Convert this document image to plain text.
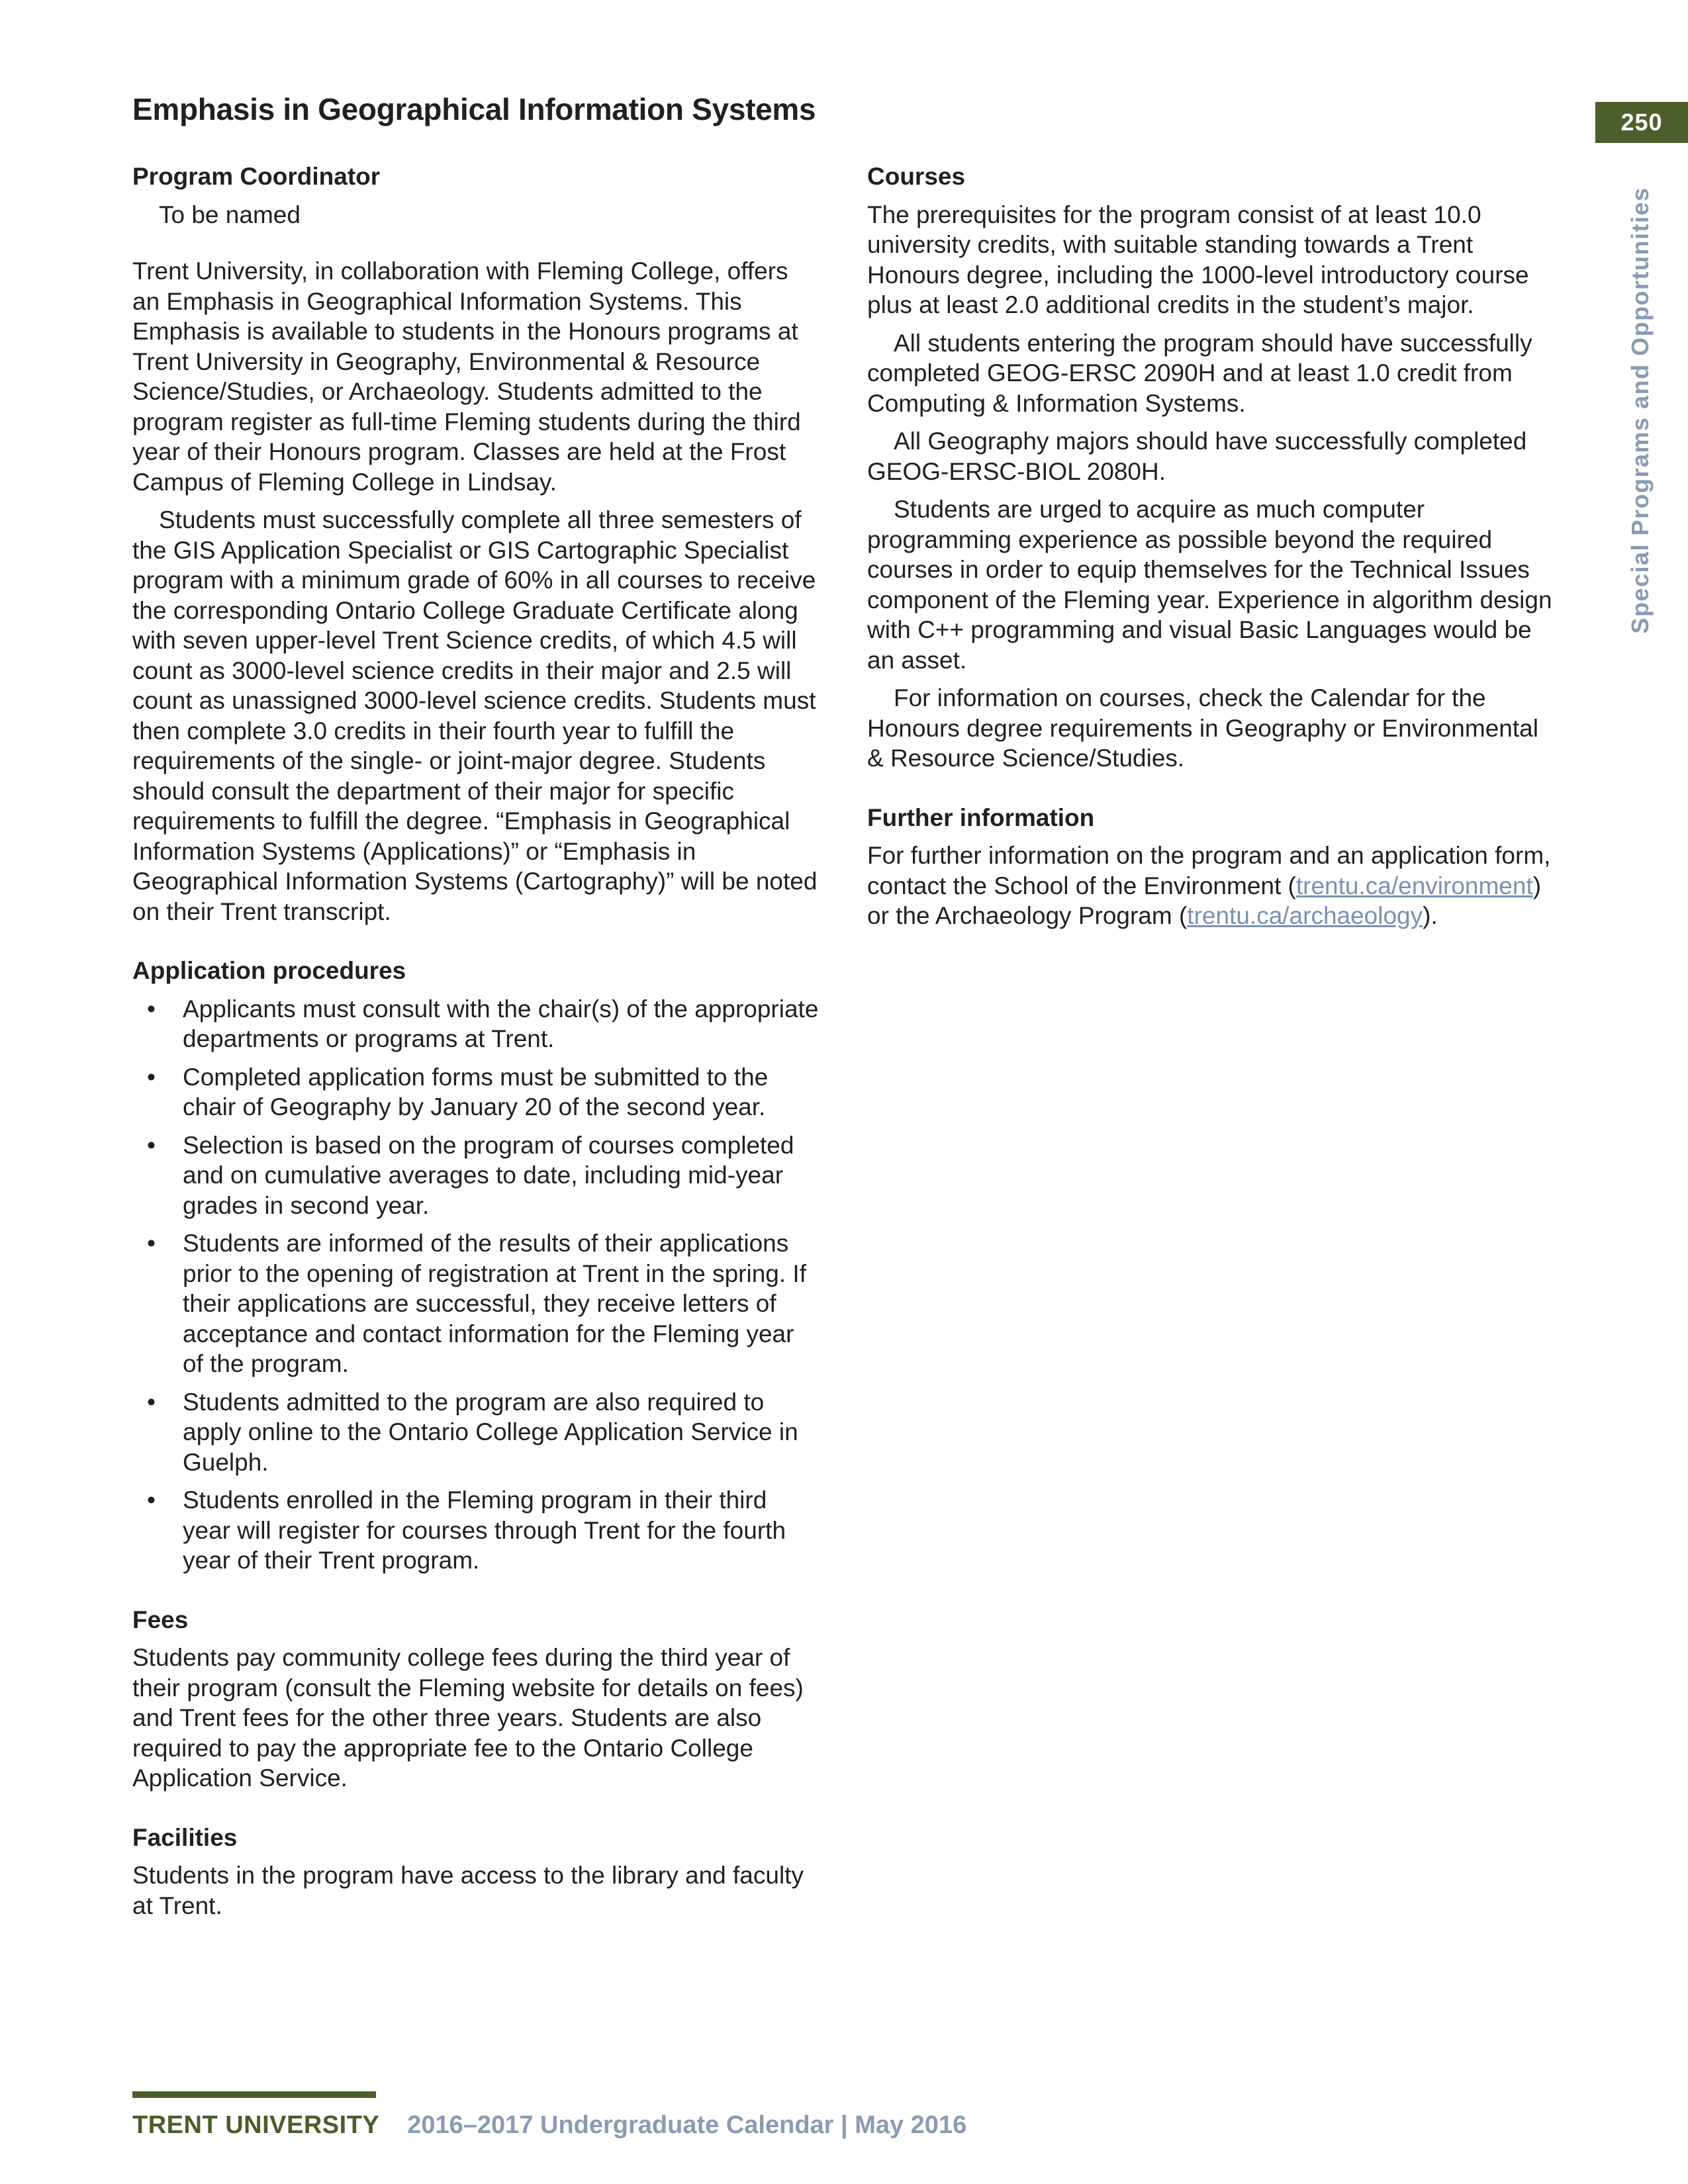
Emphasis in Geographical Information Systems	250
Special Programs and Opportunities
Program Coordinator

To be named

Trent University, in collaboration with Fleming College, offers an Emphasis in Geographical Information Systems. This Emphasis is available to students in the Honours programs at Trent University in Geography, Environmental & Resource Science/Studies, or Archaeology. Students admitted to the program register as full-time Fleming students during the third year of their Honours program. Classes are held at the Frost Campus of Fleming College in Lindsay.

Students must successfully complete all three semesters of the GIS Application Specialist or GIS Cartographic Specialist program with a minimum grade of 60% in all courses to receive the corresponding Ontario College Graduate Certificate along with seven upper-level Trent Science credits, of which 4.5 will count as 3000-level science credits in their major and 2.5 will count as unassigned 3000-level science credits. Students must then complete 3.0 credits in their fourth year to fulfill the requirements of the single- or joint-major degree. Students should consult the department of their major for specific requirements to fulfill the degree. “Emphasis in Geographical Information Systems (Applications)” or “Emphasis in Geographical Information Systems (Cartography)” will be noted on their Trent transcript.

Application procedures
• Applicants must consult with the chair(s) of the appropriate departments or programs at Trent.
• Completed application forms must be submitted to the chair of Geography by January 20 of the second year.
• Selection is based on the program of courses completed and on cumulative averages to date, including mid-year grades in second year.
• Students are informed of the results of their applications prior to the opening of registration at Trent in the spring. If their applications are successful, they receive letters of acceptance and contact information for the Fleming year of the program.
• Students admitted to the program are also required to apply online to the Ontario College Application Service in Guelph.
• Students enrolled in the Fleming program in their third year will register for courses through Trent for the fourth year of their Trent program.
Fees

Students pay community college fees during the third year of their program (consult the Fleming website for details on fees) and Trent fees for the other three years. Students are also required to pay the appropriate fee to the Ontario College Application Service.

Facilities

Students in the program have access to the library and faculty at Trent.

Courses

The prerequisites for the program consist of at least 10.0 university credits, with suitable standing towards a Trent Honours degree, including the 1000-level introductory course plus at least 2.0 additional credits in the student’s major.

All students entering the program should have successfully completed GEOG-ERSC 2090H and at least 1.0 credit from Computing & Information Systems.

All Geography majors should have successfully completed GEOG-ERSC-BIOL 2080H.

Students are urged to acquire as much computer programming experience as possible beyond the required courses in order to equip themselves for the Technical Issues component of the Fleming year. Experience in algorithm design with C++ programming and visual Basic Languages would be an asset.

For information on courses, check the Calendar for the Honours degree requirements in Geography or Environmental & Resource Science/Studies.

Further information

For further information on the program and an application form, contact the School of the Environment (trentu.ca/environment) or the Archaeology Program (trentu.ca/archaeology).

TRENT UNIVERSITY 2016–2017 Undergraduate Calendar | May 2016
